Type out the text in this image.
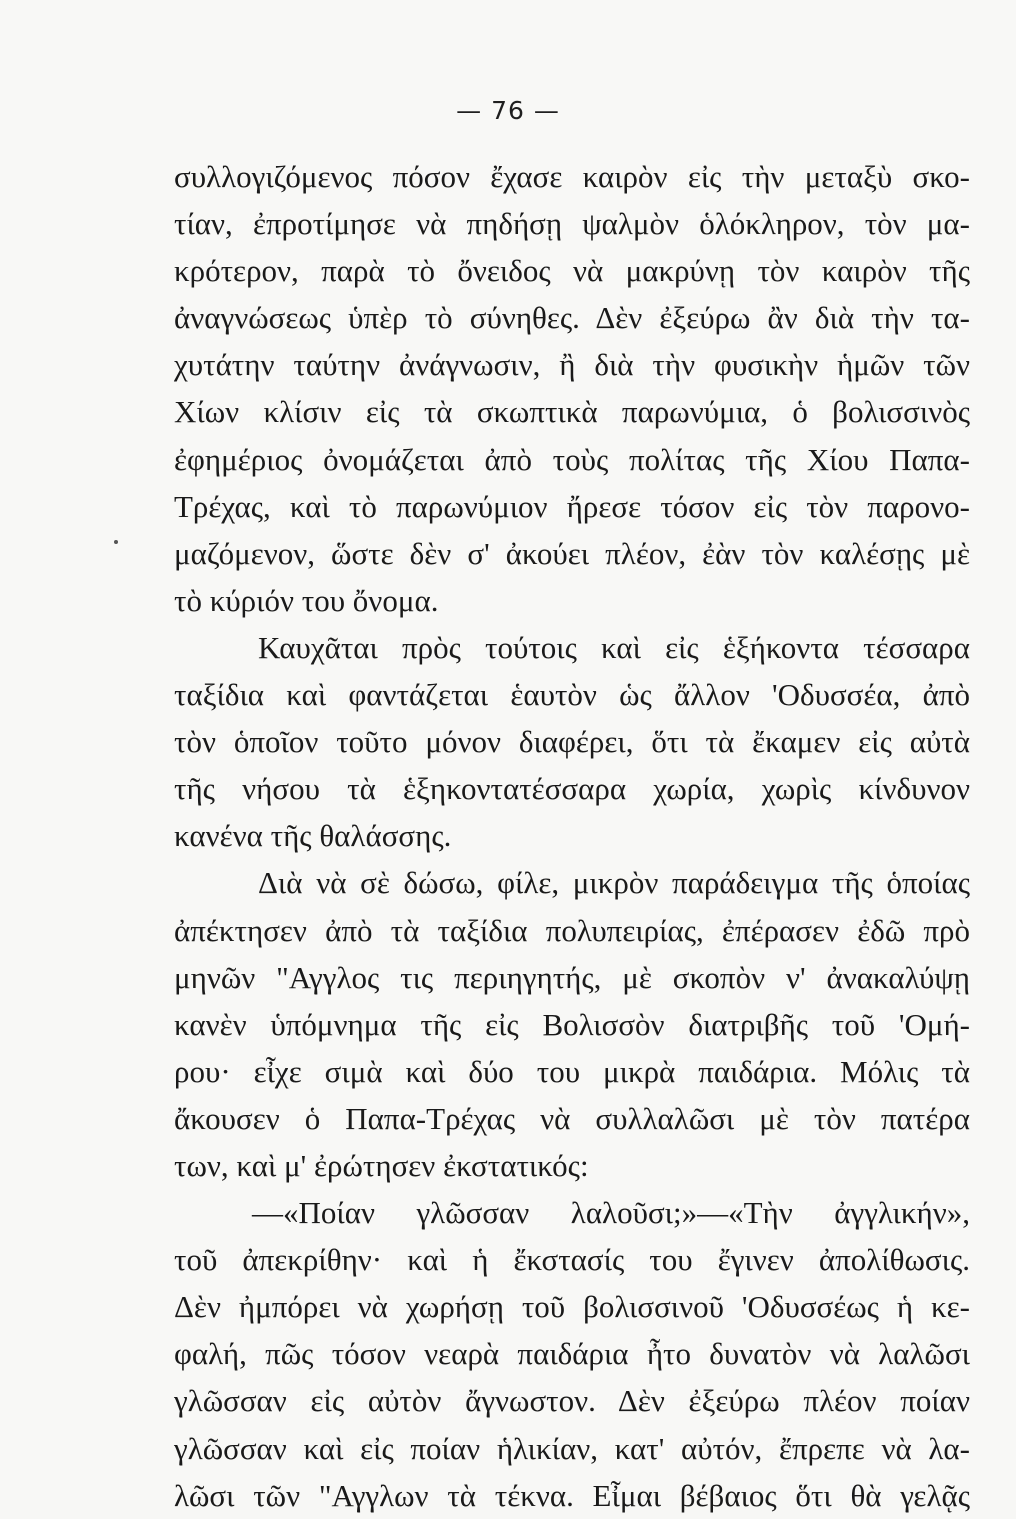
— 76 —
συλλογιζόμενος πόσον ἔχασε καιρὸν εἰς τὴν μεταξὺ σκο-
τίαν, ἐπροτίμησε νὰ πηδήσῃ ψαλμὸν ὁλόκληρον, τὸν μα-
κρότερον, παρὰ τὸ ὄνειδος νὰ μακρύνῃ τὸν καιρὸν τῆς
ἀναγνώσεως ὑπὲρ τὸ σύνηθες. Δὲν ἐξεύρω ἂν διὰ τὴν τα-
χυτάτην ταύτην ἀνάγνωσιν, ἢ διὰ τὴν φυσικὴν ἡμῶν τῶν
Χίων κλίσιν εἰς τὰ σκωπτικὰ παρωνύμια, ὁ βολισσινὸς
ἐφημέριος ὀνομάζεται ἀπὸ τοὺς πολίτας τῆς Χίου Παπα-
Τρέχας, καὶ τὸ παρωνύμιον ἤρεσε τόσον εἰς τὸν παρονο-
μαζόμενον, ὥστε δὲν σ' ἀκούει πλέον, ἐὰν τὸν καλέσῃς μὲ
τὸ κύριόν του ὄνομα.
Καυχᾶται πρὸς τούτοις καὶ εἰς ἑξήκοντα τέσσαρα
ταξίδια καὶ φαντάζεται ἑαυτὸν ὡς ἄλλον 'Οδυσσέα, ἀπὸ
τὸν ὁποῖον τοῦτο μόνον διαφέρει, ὅτι τὰ ἔκαμεν εἰς αὐτὰ
τῆς νήσου τὰ ἑξηκοντατέσσαρα χωρία, χωρὶς κίνδυνον
κανένα τῆς θαλάσσης.
Διὰ νὰ σὲ δώσω, φίλε, μικρὸν παράδειγμα τῆς ὁποίας
ἀπέκτησεν ἀπὸ τὰ ταξίδια πολυπειρίας, ἐπέρασεν ἐδῶ πρὸ
μηνῶν "Αγγλος τις περιηγητής, μὲ σκοπὸν ν' ἀνακαλύψῃ
κανὲν ὑπόμνημα τῆς εἰς Βολισσὸν διατριβῆς τοῦ 'Ομή-
ρου· εἶχε σιμὰ καὶ δύο του μικρὰ παιδάρια. Μόλις τὰ
ἄκουσεν ὁ Παπα-Τρέχας νὰ συλλαλῶσι μὲ τὸν πατέρα
των, καὶ μ' ἐρώτησεν ἐκστατικός:
—«Ποίαν γλῶσσαν λαλοῦσι;»—«Τὴν ἀγγλικήν»,
τοῦ ἀπεκρίθην· καὶ ἡ ἔκστασίς του ἔγινεν ἀπολίθωσις.
Δὲν ἠμπόρει νὰ χωρήσῃ τοῦ βολισσινοῦ 'Οδυσσέως ἡ κε-
φαλή, πῶς τόσον νεαρὰ παιδάρια ἦτο δυνατὸν νὰ λαλῶσι
γλῶσσαν εἰς αὐτὸν ἄγνωστον. Δὲν ἐξεύρω πλέον ποίαν
γλῶσσαν καὶ εἰς ποίαν ἡλικίαν, κατ' αὐτόν, ἔπρεπε νὰ λα-
λῶσι τῶν "Αγγλων τὰ τέκνα. Εἶμαι βέβαιος ὅτι θὰ γελᾷς
